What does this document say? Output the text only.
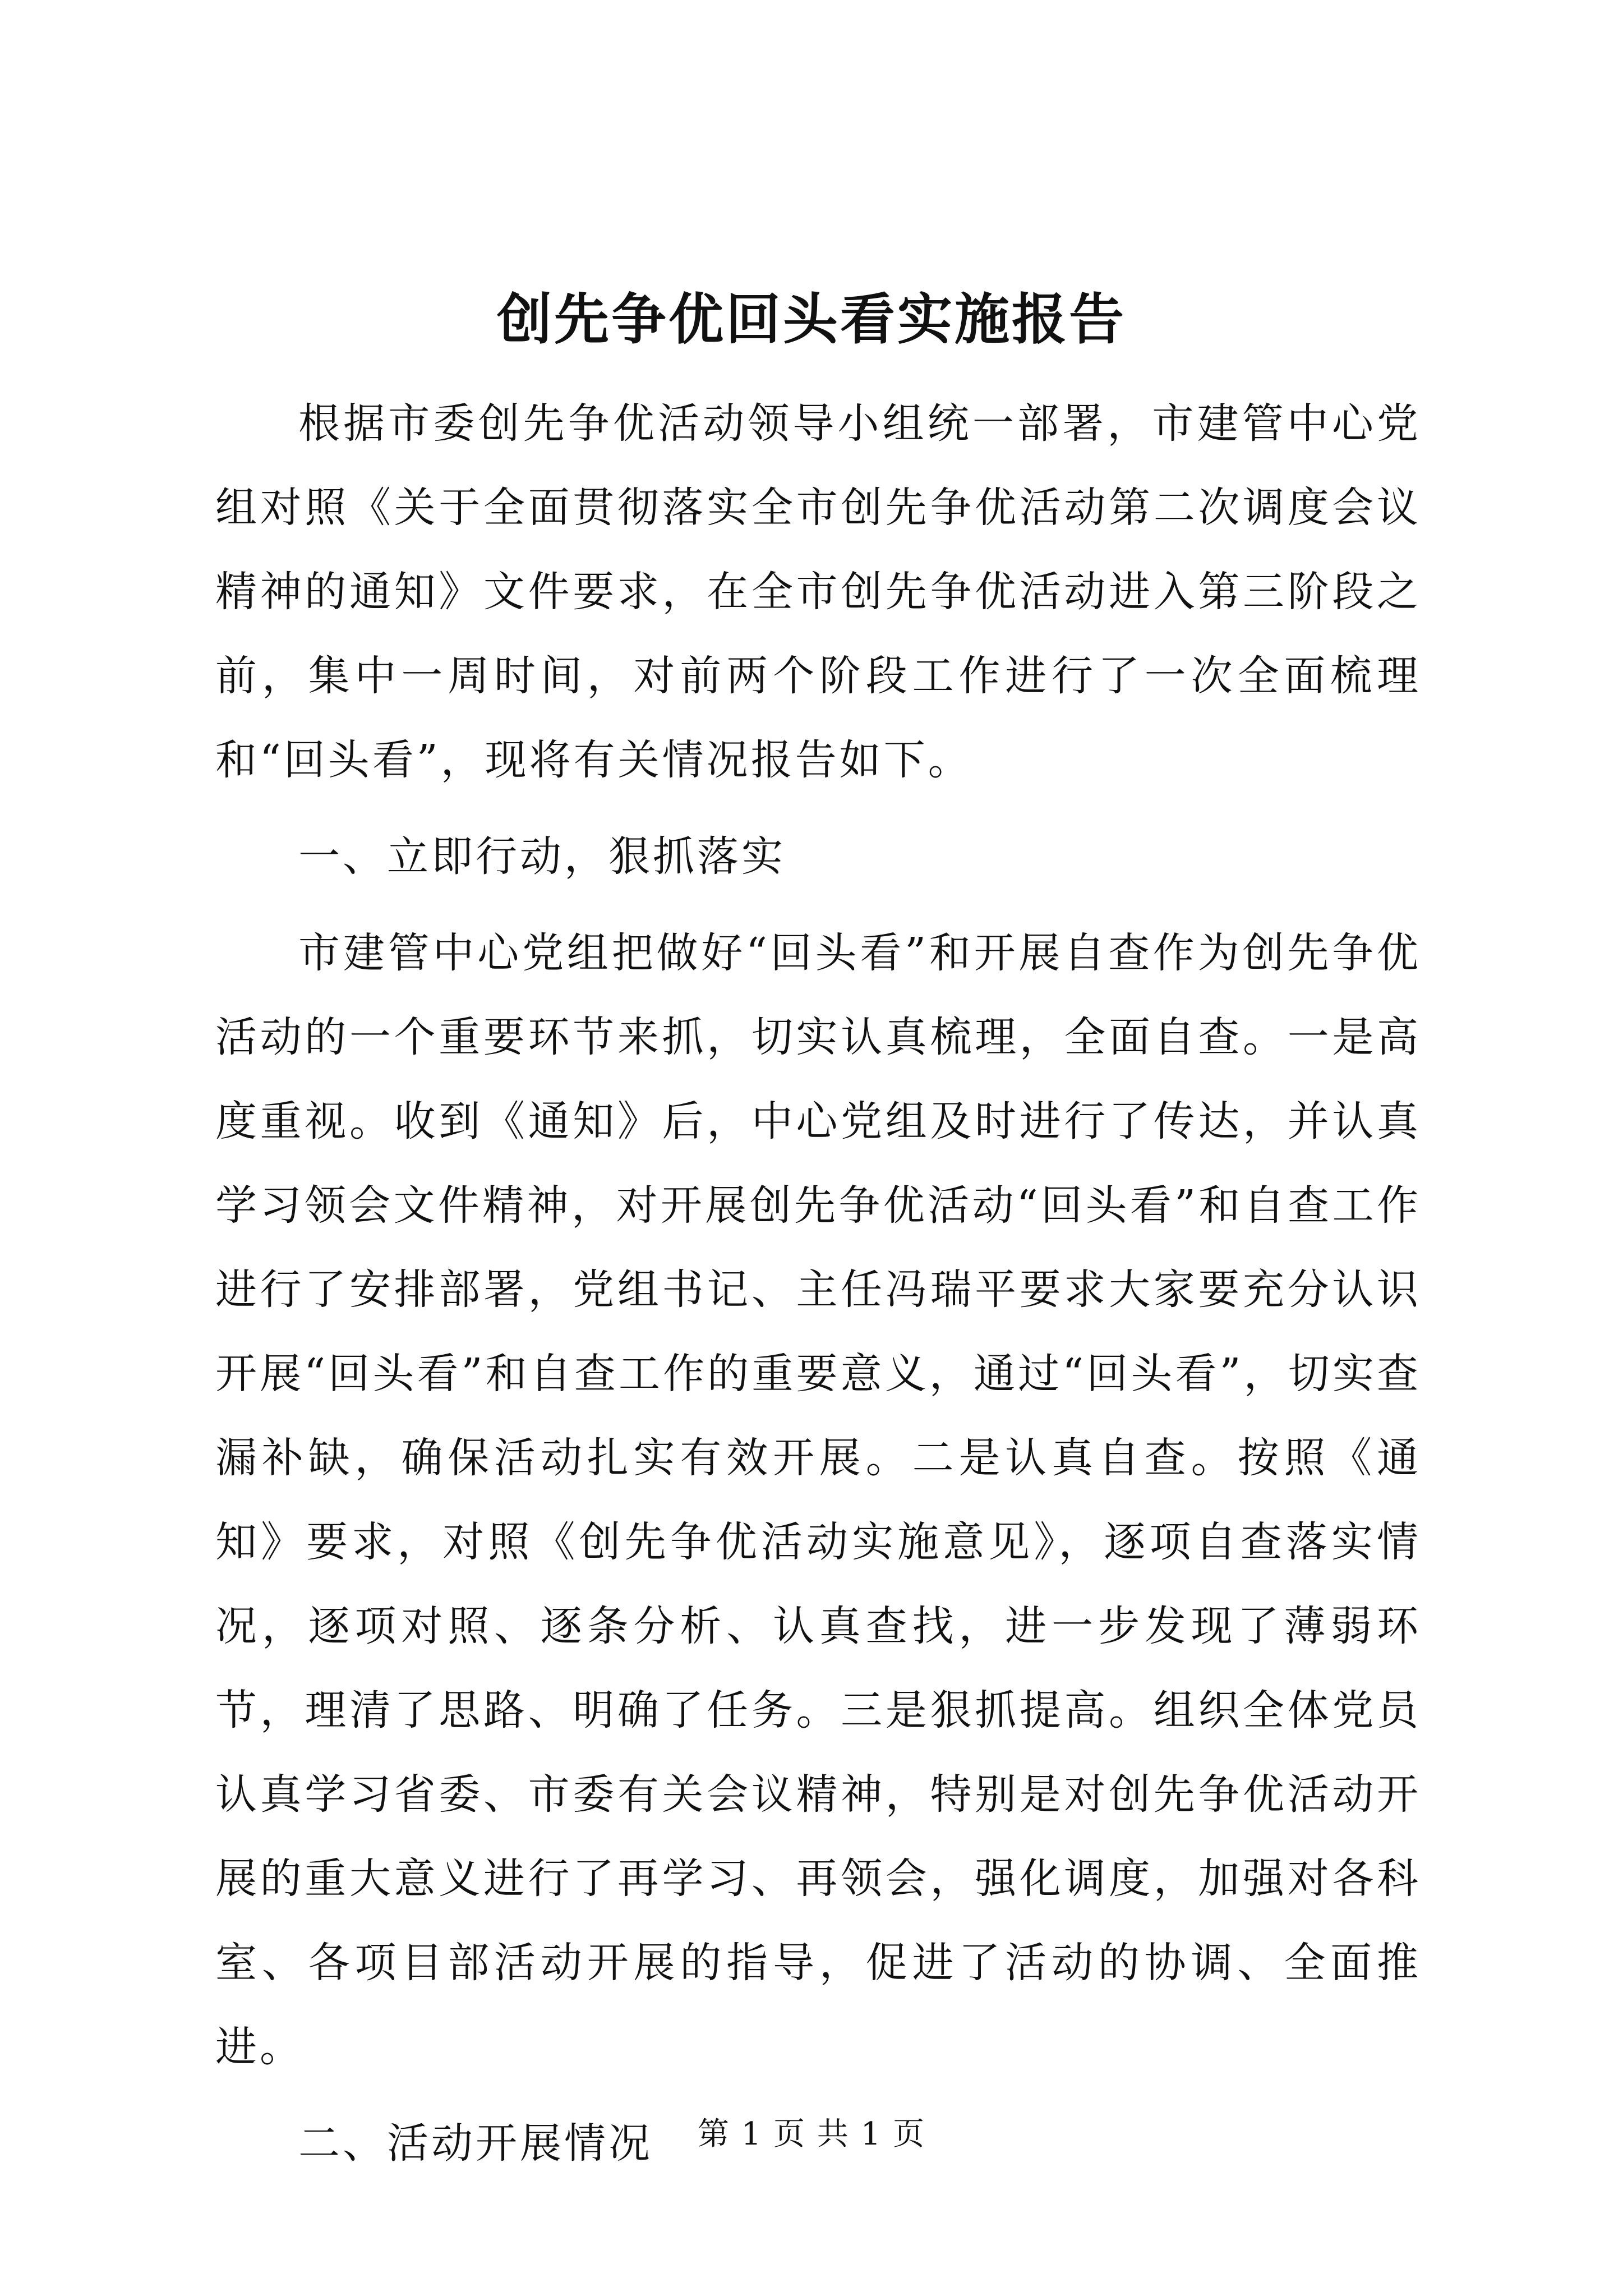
创先争优回头看实施报告

根据市委创先争优活动领导小组统一部署，市建管中心党组对照《关于全面贯彻落实全市创先争优活动第二次调度会议精神的通知》文件要求，在全市创先争优活动进入第三阶段之前，集中一周时间，对前两个阶段工作进行了一次全面梳理和“回头看”，现将有关情况报告如下。

一、立即行动，狠抓落实

市建管中心党组把做好“回头看”和开展自查作为创先争优活动的一个重要环节来抓，切实认真梳理，全面自查。一是高度重视。收到《通知》后，中心党组及时进行了传达，并认真学习领会文件精神，对开展创先争优活动“回头看”和自查工作进行了安排部署，党组书记、主任冯瑞平要求大家要充分认识开展“回头看”和自查工作的重要意义，通过“回头看”，切实查漏补缺，确保活动扎实有效开展。二是认真自查。按照《通知》要求，对照《创先争优活动实施意见》，逐项自查落实情况，逐项对照、逐条分析、认真查找，进一步发现了薄弱环节，理清了思路、明确了任务。三是狠抓提高。组织全体党员认真学习省委、市委有关会议精神，特别是对创先争优活动开展的重大意义进行了再学习、再领会，强化调度，加强对各科室、各项目部活动开展的指导，促进了活动的协调、全面推进。

二、活动开展情况	第 1 页 共 1 页
